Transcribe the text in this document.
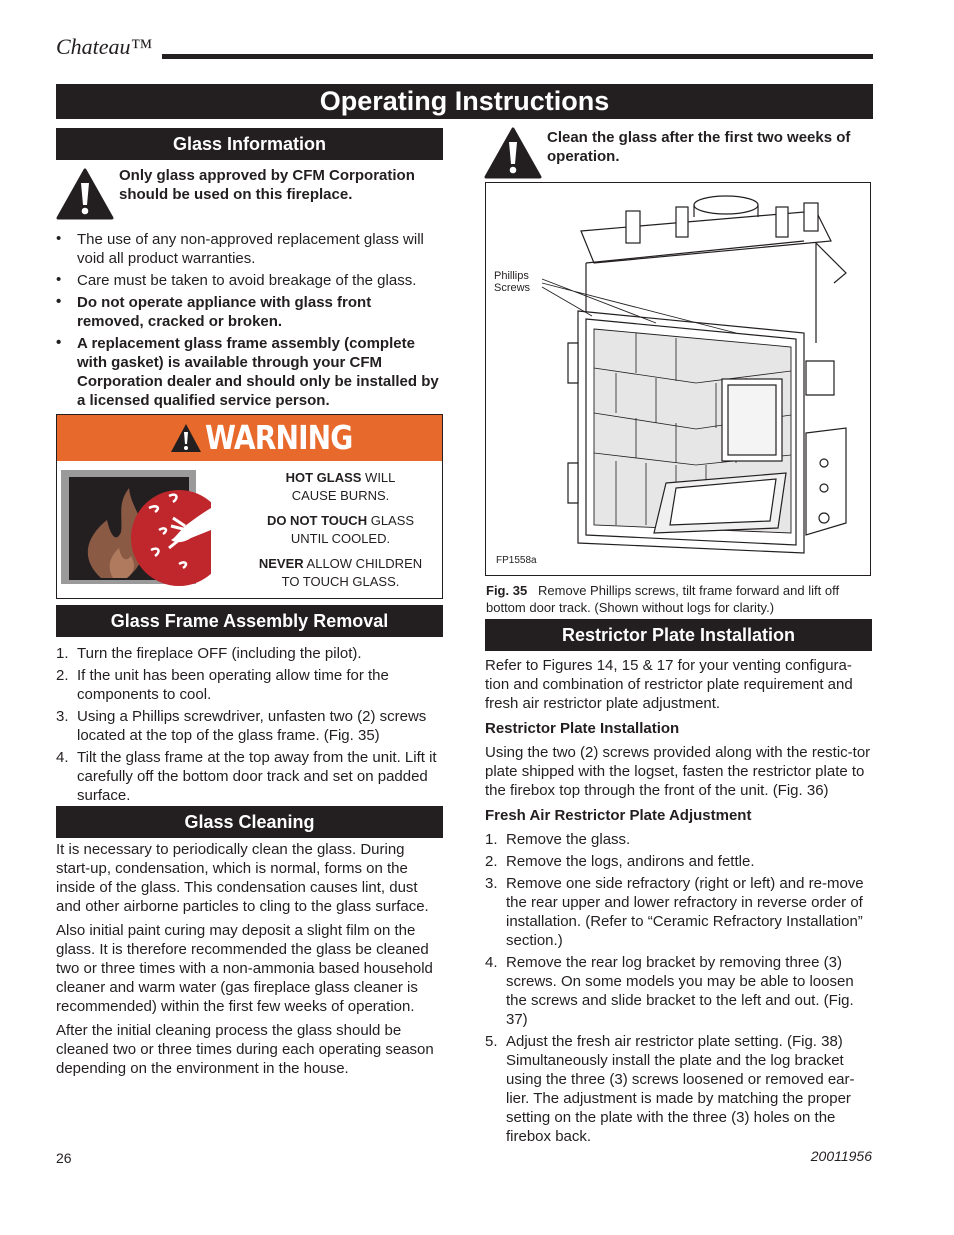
Chateau™
Operating Instructions
Glass Information

Only glass approved by CFM Corporation should be used on this fireplace.

• The use of any non-approved replacement glass will void all product warranties.
• Care must be taken to avoid breakage of the glass.
• Do not operate appliance with glass front removed, cracked or broken.
• A replacement glass frame assembly (complete with gasket) is available through your CFM Corporation dealer and should only be installed by a licensed qualified service person.
WARNING
HOT GLASS WILL
CAUSE BURNS.
DO NOT TOUCH GLASS
UNTIL COOLED.
NEVER ALLOW CHILDREN
TO TOUCH GLASS.
Glass Frame Assembly Removal
1. Turn the fireplace OFF (including the pilot).
2. If the unit has been operating allow time for the components to cool.
3. Using a Phillips screwdriver, unfasten two (2) screws located at the top of the glass frame. (Fig. 35)
4. Tilt the glass frame at the top away from the unit. Lift it carefully off the bottom door track and set on padded surface.
Glass Cleaning

It is necessary to periodically clean the glass. During start-up, condensation, which is normal, forms on the inside of the glass. This condensation causes lint, dust and other airborne particles to cling to the glass surface.

Also initial paint curing may deposit a slight film on the glass. It is therefore recommended the glass be cleaned two or three times with a non-ammonia based household cleaner and warm water (gas fireplace glass cleaner is recommended) within the first few weeks of operation.

After the initial cleaning process the glass should be cleaned two or three times during each operating season depending on the environment in the house.

Clean the glass after the first two weeks of operation.

Phillips
Screws
FP1558a
Fig. 35 Remove Phillips screws, tilt frame forward and lift off bottom door track. (Shown without logs for clarity.)
Restrictor Plate Installation

Refer to Figures 14, 15 & 17 for your venting configura-tion and combination of restrictor plate requirement and fresh air restrictor plate adjustment.

Restrictor Plate Installation

Using the two (2) screws provided along with the restic-tor plate shipped with the logset, fasten the restrictor plate to the firebox top through the front of the unit. (Fig. 36)

Fresh Air Restrictor Plate Adjustment

1. Remove the glass.
2. Remove the logs, andirons and fettle.
3. Remove one side refractory (right or left) and re-move the rear upper and lower refractory in reverse order of installation. (Refer to “Ceramic Refractory Installation” section.)
4. Remove the rear log bracket by removing three (3) screws. On some models you may be able to loosen the screws and slide bracket to the left and out. (Fig. 37)
5. Adjust the fresh air restrictor plate setting. (Fig. 38) Simultaneously install the plate and the log bracket using the three (3) screws loosened or removed ear-lier. The adjustment is made by matching the proper setting on the plate with the three (3) holes on the firebox back.
26	20011956
